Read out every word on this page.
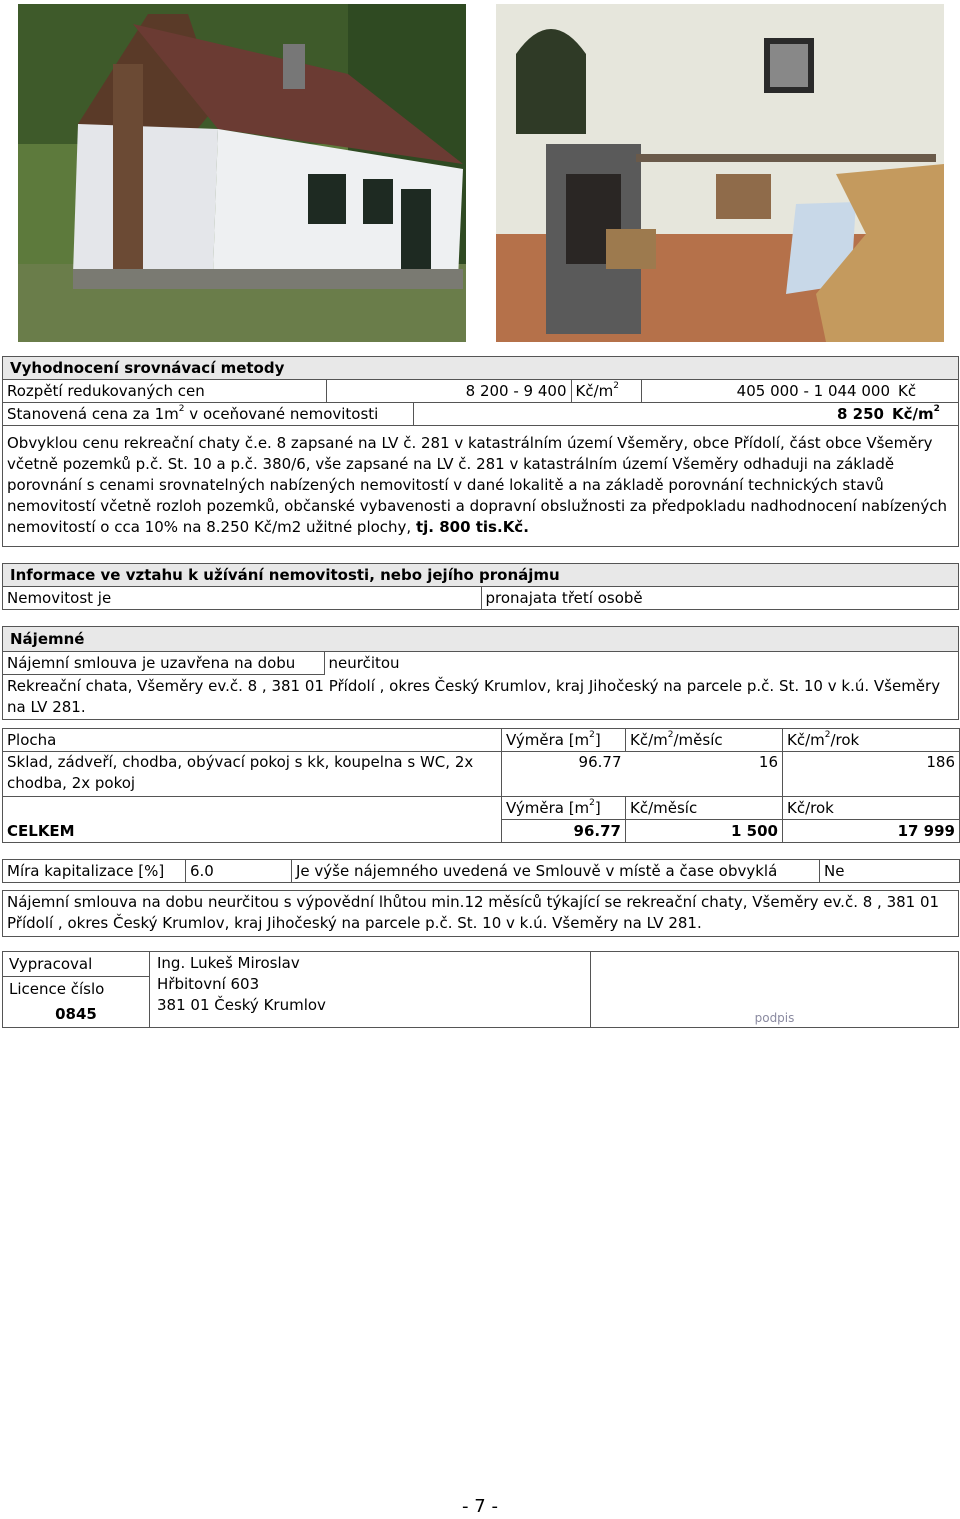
Vyhodnocení srovnávací metody
Rozpětí redukovaných cen	8 200 - 9 400	$Kč/m^2$	405 000 - 1 044 000	Kč
Stanovená cena za $1m^2$ v oceňované nemovitosti	8 250	$Kč/m^2$
Obvyklou cenu rekreační chaty č.e. 8 zapsané na LV č. 281 v katastrálním území Všeměry, obce Přídolí, část obce Všeměry včetně pozemků p.č. St. 10 a p.č. 380/6, vše zapsané na LV č. 281 v katastrálním území Všeměry odhaduji na základě porovnání s cenami srovnatelných nabízených nemovitostí v dané lokalitě a na základě porovnání technických stavů nemovitostí včetně rozloh pozemků, občanské vybavenosti a dopravní obslužnosti za předpokladu nadhodnocení nabízených nemovitostí o cca 10% na 8.250 Kč/m2 užitné plochy, tj. 800 tis.Kč.
Informace ve vztahu k užívání nemovitosti, nebo jejího pronájmu
Nemovitost je	pronajata třetí osobě
Nájemné
Nájemní smlouva je uzavřena na dobu	neurčitou
Rekreační chata, Všeměry ev.č. 8 , 381 01 Přídolí , okres Český Krumlov, kraj Jihočeský na parcele p.č. St. 10 v k.ú. Všeměry na LV 281.
Plocha	Výměra $[m^2]$	$Kč/m^2$/měsíc	$Kč/m^2$/rok
Sklad, zádveří, chodba, obývací pokoj s kk, koupelna s WC, 2x chodba, 2x pokoj	96.77	16	186
	Výměra $[m^2]$	Kč/měsíc	Kč/rok
CELKEM	96.77	1 500	17 999
Míra kapitalizace [%]	6.0	Je výše nájemného uvedená ve Smlouvě v místě a čase obvyklá	Ne
Nájemní smlouva na dobu neurčitou s výpovědní lhůtou min.12 měsíců týkající se rekreační chaty, Všeměry ev.č. 8 , 381 01 Přídolí , okres Český Krumlov, kraj Jihočeský na parcele p.č. St. 10 v k.ú. Všeměry na LV 281.
Vypracoval
Licence číslo
0845
Ing. Lukeš Miroslav
Hřbitovní 603
381 01 Český Krumlov
podpis
- 7 -
